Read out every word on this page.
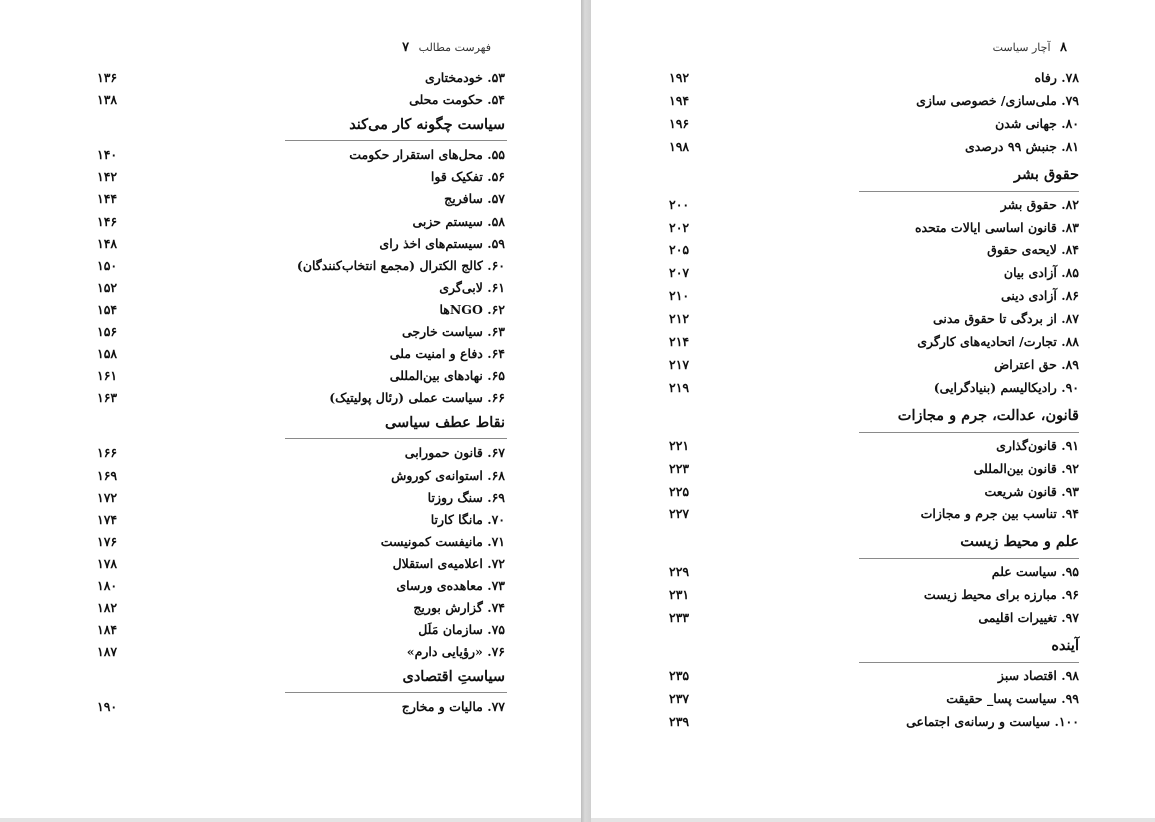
فهرست مطالب ۷
۵۳. خودمختاری
۱۳۶
۵۴. حکومت محلی
۱۳۸
سیاست چگونه کار می‌کند
۵۵. محل‌های استقرار حکومت
۱۴۰
۵۶. تفکیک قوا
۱۴۲
۵۷. سافریج
۱۴۴
۵۸. سیستم حزبی
۱۴۶
۵۹. سیستم‌های اخذ رای
۱۴۸
۶۰. کالج الکترال (مجمع انتخاب‌کنندگان)
۱۵۰
۶۱. لابی‌گری
۱۵۲
۶۲. NGOها
۱۵۴
۶۳. سیاست خارجی
۱۵۶
۶۴. دفاع و امنیت ملی
۱۵۸
۶۵. نهادهای بین‌المللی
۱۶۱
۶۶. سیاست عملی (رئال پولیتیک)
۱۶۳
نقاط عطف سیاسی
۶۷. قانون حمورابی
۱۶۶
۶۸. استوانه‌ی کوروش
۱۶۹
۶۹. سنگ روزتا
۱۷۲
۷۰. مانگا کارتا
۱۷۴
۷۱. مانیفست کمونیست
۱۷۶
۷۲. اعلامیه‌ی استقلال
۱۷۸
۷۳. معاهده‌ی ورسای
۱۸۰
۷۴. گزارش بوریج
۱۸۲
۷۵. سازمان مَلَل
۱۸۴
۷۶. «رؤیایی دارم»
۱۸۷
سیاستِ اقتصادی
۷۷. مالیات و مخارج
۱۹۰
۸ آچار سیاست
۷۸. رفاه
۱۹۲
۷۹. ملی‌سازی/ خصوصی سازی
۱۹۴
۸۰. جهانی شدن
۱۹۶
۸۱. جنبش ۹۹ درصدی
۱۹۸
حقوق بشر
۸۲. حقوق بشر
۲۰۰
۸۳. قانون اساسی ایالات متحده
۲۰۲
۸۴. لایحه‌ی حقوق
۲۰۵
۸۵. آزادی بیان
۲۰۷
۸۶. آزادی دینی
۲۱۰
۸۷. از بردگی تا حقوق مدنی
۲۱۲
۸۸. تجارت/ اتحادیه‌های کارگری
۲۱۴
۸۹. حق اعتراض
۲۱۷
۹۰. رادیکالیسم (بنیادگرایی)
۲۱۹
قانون، عدالت، جرم و مجازات
۹۱. قانون‌گذاری
۲۲۱
۹۲. قانون بین‌المللی
۲۲۳
۹۳. قانون شریعت
۲۲۵
۹۴. تناسب بین جرم و مجازات
۲۲۷
علم و محیط زیست
۹۵. سیاست علم
۲۲۹
۹۶. مبارزه برای محیط زیست
۲۳۱
۹۷. تغییرات اقلیمی
۲۳۳
آینده
۹۸. اقتصاد سبز
۲۳۵
۹۹. سیاست پسا_ حقیقت
۲۳۷
۱۰۰. سیاست و رسانه‌ی اجتماعی
۲۳۹
